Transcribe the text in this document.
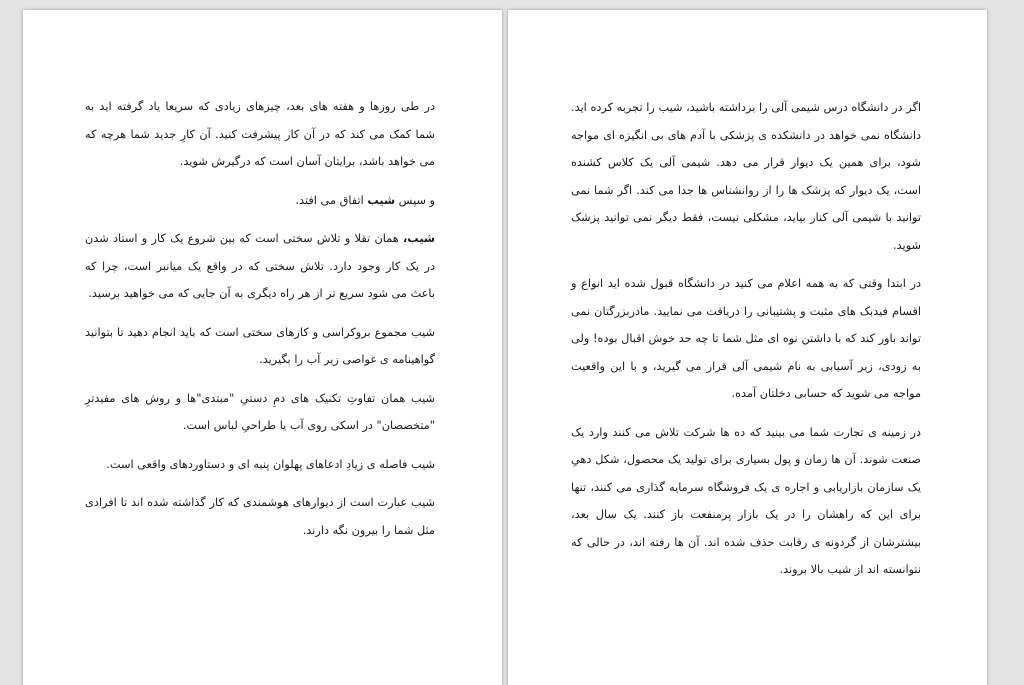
در طی روزها و هفته های بعد، چیزهای زیادی که سریعا یاد گرفته اید به شما کمک می کند که در آن کار پیشرفت کنید. آن کارِ جدید شما هرچه که می خواهد باشد، برایتان آسان است که درگیرش شوید.

و سپس شیب اتفاق می افتد.

شیب، همان تقلا و تلاش سختی است که بین شروع یک کار و استاد شدن در یک کار وجود دارد. تلاش سختی که در واقع یک میانبر است، چرا که باعث می شود سریع تر از هر راه دیگری به آن جایی که می خواهید برسید.

شیب مجموع بروکراسی و کارهای سختی است که باید انجام دهید تا بتوانید گواهینامه ی غواصی زیر آب را بگیرید.

شیب همان تفاوتِ تکنیک های دمِ دستیِ "مبتدی"ها و روش های مفیدترِ "متخصصان" در اسکی روی آب یا طراحیِ لباس است.

شیب فاصله ی زیادِ ادعاهای پهلوان پنبه ای و دستاوردهای واقعی است.

شیب عبارت است از دیوارهای هوشمندی که کار گذاشته شده اند تا افرادی مثل شما را بیرون نگه دارند.

اگر در دانشگاه درس شیمی آلی را برداشته باشید، شیب را تجربه کرده اید. دانشگاه نمی خواهد در دانشکده ی پزشکی با آدم های بی انگیزه ای مواجه شود، برای همین یک دیوار قرار می دهد. شیمی آلی یک کلاس کشنده است، یک دیوار که پزشک ها را از روانشناس ها جدا می کند. اگر شما نمی توانید با شیمی آلی کنار بیاید، مشکلی نیست، فقط دیگر نمی توانید پزشک شوید.

در ابتدا وقتی که به همه اعلام می کنید در دانشگاه قبول شده اید انواع و اقسام فیدبک های مثبت و پشتیبانی را دریافت می نمایید. مادربزرگتان نمی تواند باور کند که با داشتن نوه ای مثل شما تا چه حد خوش اقبال بوده! ولی به زودی، زیر آسیابی به نام شیمی آلی قرار می گیرید، و با این واقعیت مواجه می شوید که حسابی دخلتان آمده.

در زمینه ی تجارت شما می بینید که ده ها شرکت تلاش می کنند وارد یک صنعت شوند. آن ها زمان و پول بسیاری برای تولید یک محصول، شکل دهیِ یک سازمان بازاریابی و اجاره ی یک فروشگاه سرمایه گذاری می کنند، تنها برای این که راهشان را در یک بازار پرمنفعت باز کنند. یک سال بعد، بیشترشان از گردونه ی رقابت حذف شده اند. آن ها رفته اند، در حالی که نتوانسته اند از شیب بالا بروند.
